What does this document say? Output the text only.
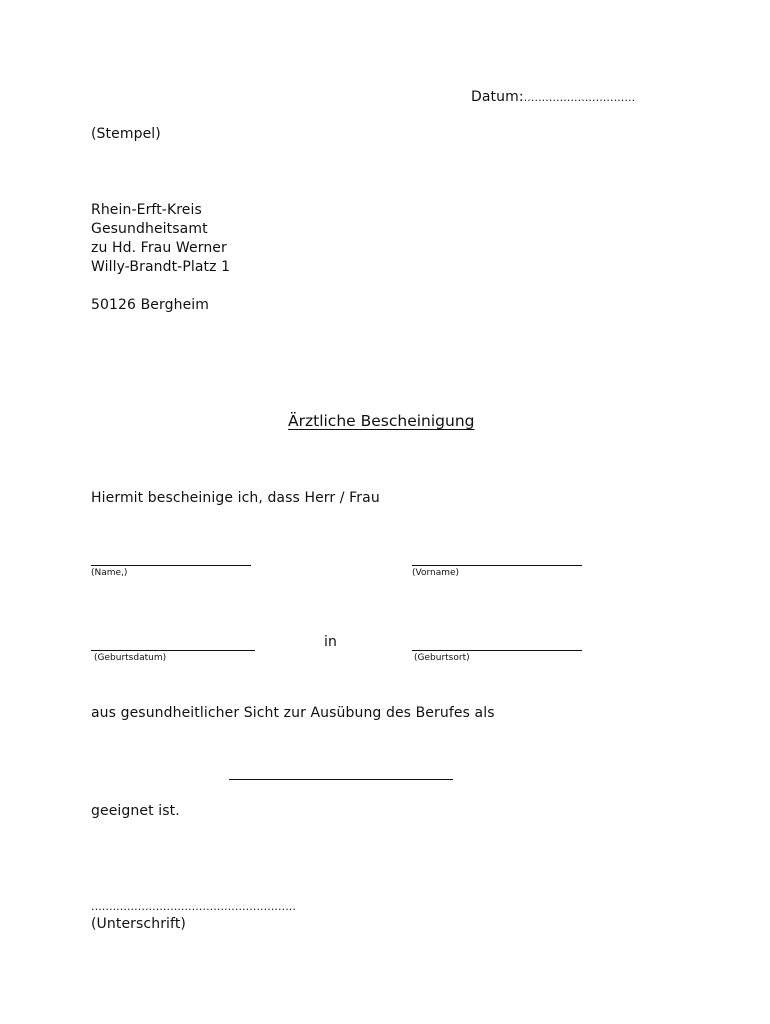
Datum:...............................
(Stempel)
Rhein-Erft-Kreis
Gesundheitsamt
zu Hd. Frau Werner
Willy-Brandt-Platz 1
50126 Bergheim
Ärztliche Bescheinigung
Hiermit bescheinige ich, dass Herr / Frau
(Name,)	(Vorname)
(Geburtsdatum)
in
(Geburtsort)
aus gesundheitlicher Sicht zur Ausübung des Berufes als
geeignet ist.
.........................................................
(Unterschrift)
